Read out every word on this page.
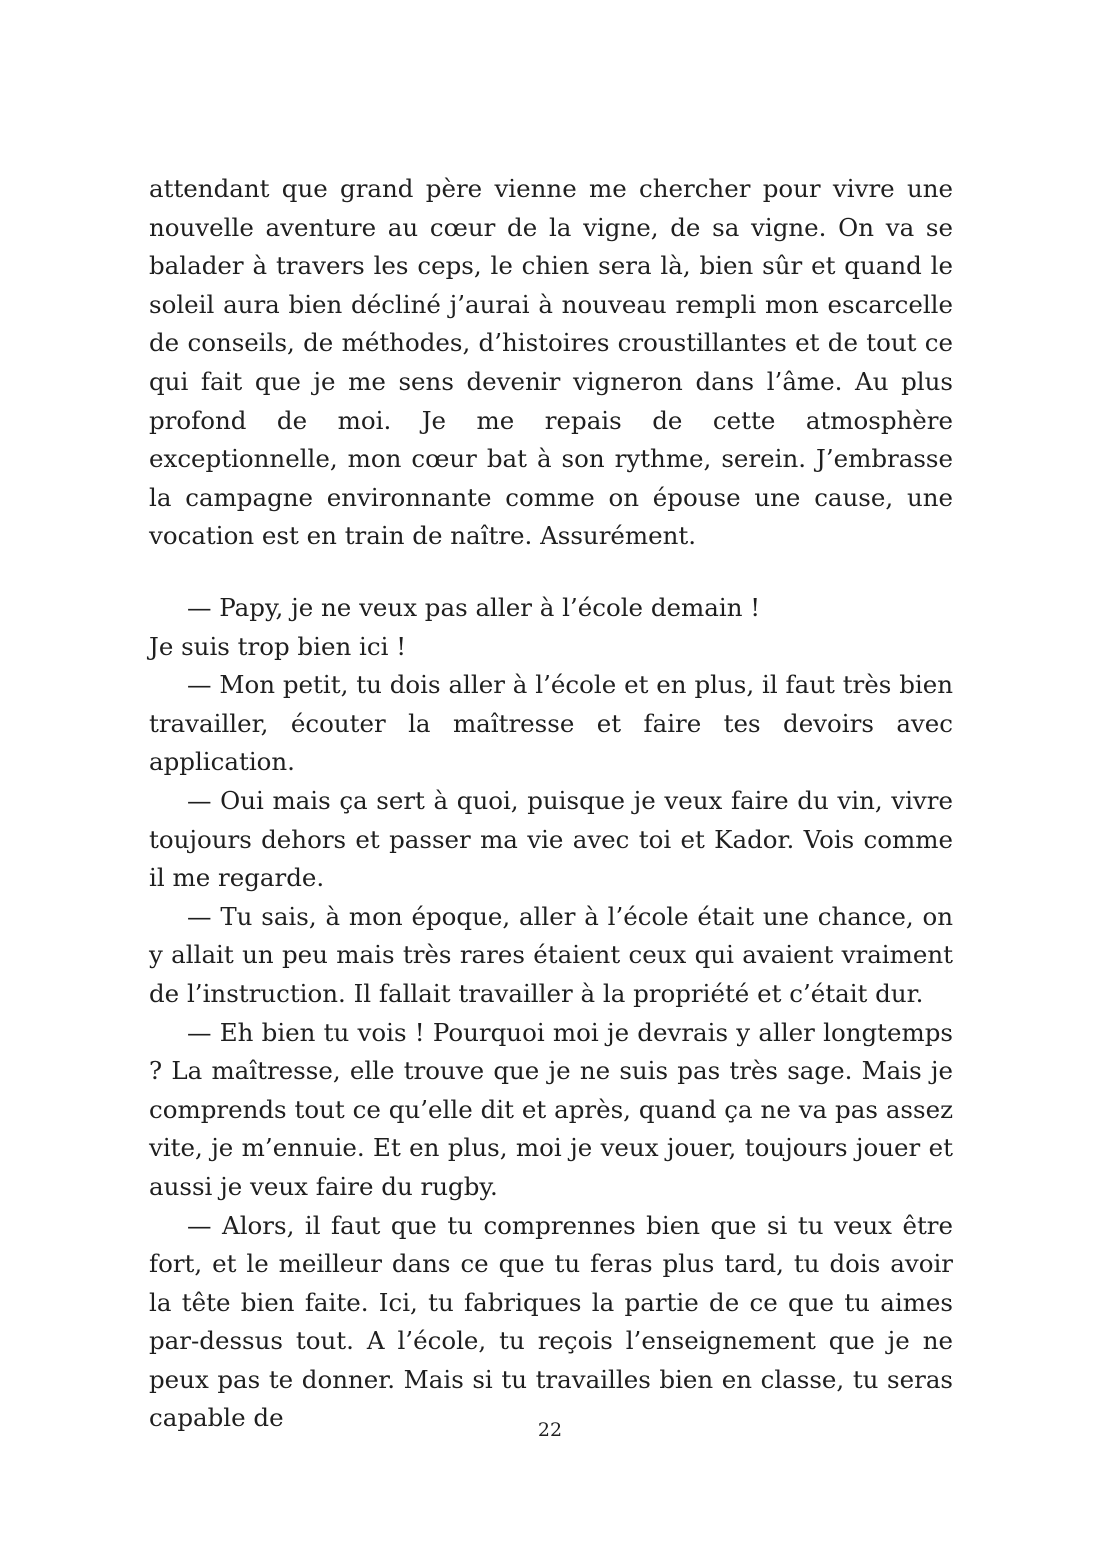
attendant que grand père vienne me chercher pour vivre une nouvelle aventure au cœur de la vigne, de sa vigne. On va se balader à travers les ceps, le chien sera là, bien sûr et quand le soleil aura bien décliné j’aurai à nouveau rempli mon escarcelle de conseils, de méthodes, d’histoires croustillantes et de tout ce qui fait que je me sens devenir vigneron dans l’âme. Au plus profond de moi. Je me repais de cette atmosphère exceptionnelle, mon cœur bat à son rythme, serein. J’embrasse la campagne environnante comme on épouse une cause, une vocation est en train de naître. Assurément.

— Papy, je ne veux pas aller à l’école demain !

Je suis trop bien ici !

— Mon petit, tu dois aller à l’école et en plus, il faut très bien travailler, écouter la maîtresse et faire tes devoirs avec application.

— Oui mais ça sert à quoi, puisque je veux faire du vin, vivre toujours dehors et passer ma vie avec toi et Kador. Vois comme il me regarde.

— Tu sais, à mon époque, aller à l’école était une chance, on y allait un peu mais très rares étaient ceux qui avaient vraiment de l’instruction. Il fallait travailler à la propriété et c’était dur.

— Eh bien tu vois ! Pourquoi moi je devrais y aller longtemps ? La maîtresse, elle trouve que je ne suis pas très sage. Mais je comprends tout ce qu’elle dit et après, quand ça ne va pas assez vite, je m’ennuie. Et en plus, moi je veux jouer, toujours jouer et aussi je veux faire du rugby.

— Alors, il faut que tu comprennes bien que si tu veux être fort, et le meilleur dans ce que tu feras plus tard, tu dois avoir la tête bien faite. Ici, tu fabriques la partie de ce que tu aimes par-dessus tout. A l’école, tu reçois l’enseignement que je ne peux pas te donner. Mais si tu travailles bien en classe, tu seras capable de	22
